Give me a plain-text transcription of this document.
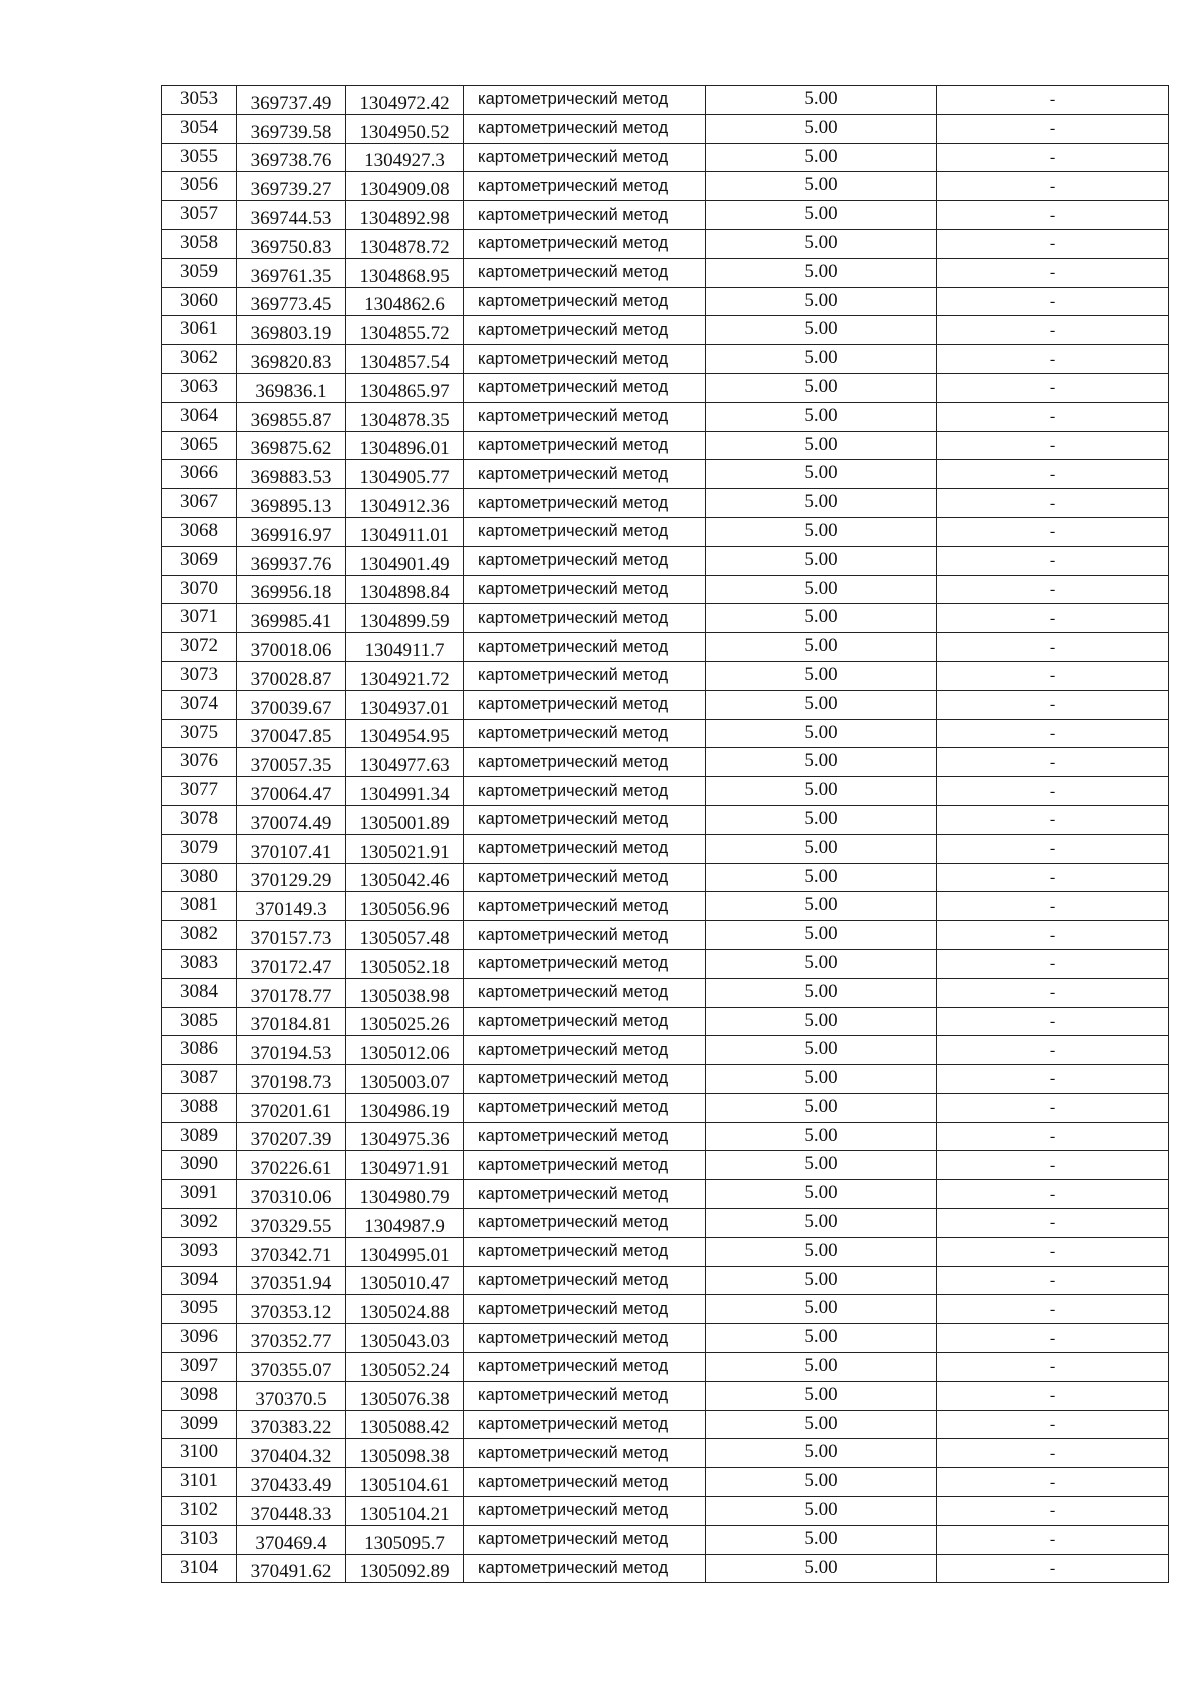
3053	369737.49	1304972.42	картометрический метод	5.00	-
3054	369739.58	1304950.52	картометрический метод	5.00	-
3055	369738.76	1304927.3	картометрический метод	5.00	-
3056	369739.27	1304909.08	картометрический метод	5.00	-
3057	369744.53	1304892.98	картометрический метод	5.00	-
3058	369750.83	1304878.72	картометрический метод	5.00	-
3059	369761.35	1304868.95	картометрический метод	5.00	-
3060	369773.45	1304862.6	картометрический метод	5.00	-
3061	369803.19	1304855.72	картометрический метод	5.00	-
3062	369820.83	1304857.54	картометрический метод	5.00	-
3063	369836.1	1304865.97	картометрический метод	5.00	-
3064	369855.87	1304878.35	картометрический метод	5.00	-
3065	369875.62	1304896.01	картометрический метод	5.00	-
3066	369883.53	1304905.77	картометрический метод	5.00	-
3067	369895.13	1304912.36	картометрический метод	5.00	-
3068	369916.97	1304911.01	картометрический метод	5.00	-
3069	369937.76	1304901.49	картометрический метод	5.00	-
3070	369956.18	1304898.84	картометрический метод	5.00	-
3071	369985.41	1304899.59	картометрический метод	5.00	-
3072	370018.06	1304911.7	картометрический метод	5.00	-
3073	370028.87	1304921.72	картометрический метод	5.00	-
3074	370039.67	1304937.01	картометрический метод	5.00	-
3075	370047.85	1304954.95	картометрический метод	5.00	-
3076	370057.35	1304977.63	картометрический метод	5.00	-
3077	370064.47	1304991.34	картометрический метод	5.00	-
3078	370074.49	1305001.89	картометрический метод	5.00	-
3079	370107.41	1305021.91	картометрический метод	5.00	-
3080	370129.29	1305042.46	картометрический метод	5.00	-
3081	370149.3	1305056.96	картометрический метод	5.00	-
3082	370157.73	1305057.48	картометрический метод	5.00	-
3083	370172.47	1305052.18	картометрический метод	5.00	-
3084	370178.77	1305038.98	картометрический метод	5.00	-
3085	370184.81	1305025.26	картометрический метод	5.00	-
3086	370194.53	1305012.06	картометрический метод	5.00	-
3087	370198.73	1305003.07	картометрический метод	5.00	-
3088	370201.61	1304986.19	картометрический метод	5.00	-
3089	370207.39	1304975.36	картометрический метод	5.00	-
3090	370226.61	1304971.91	картометрический метод	5.00	-
3091	370310.06	1304980.79	картометрический метод	5.00	-
3092	370329.55	1304987.9	картометрический метод	5.00	-
3093	370342.71	1304995.01	картометрический метод	5.00	-
3094	370351.94	1305010.47	картометрический метод	5.00	-
3095	370353.12	1305024.88	картометрический метод	5.00	-
3096	370352.77	1305043.03	картометрический метод	5.00	-
3097	370355.07	1305052.24	картометрический метод	5.00	-
3098	370370.5	1305076.38	картометрический метод	5.00	-
3099	370383.22	1305088.42	картометрический метод	5.00	-
3100	370404.32	1305098.38	картометрический метод	5.00	-
3101	370433.49	1305104.61	картометрический метод	5.00	-
3102	370448.33	1305104.21	картометрический метод	5.00	-
3103	370469.4	1305095.7	картометрический метод	5.00	-
3104	370491.62	1305092.89	картометрический метод	5.00	-
